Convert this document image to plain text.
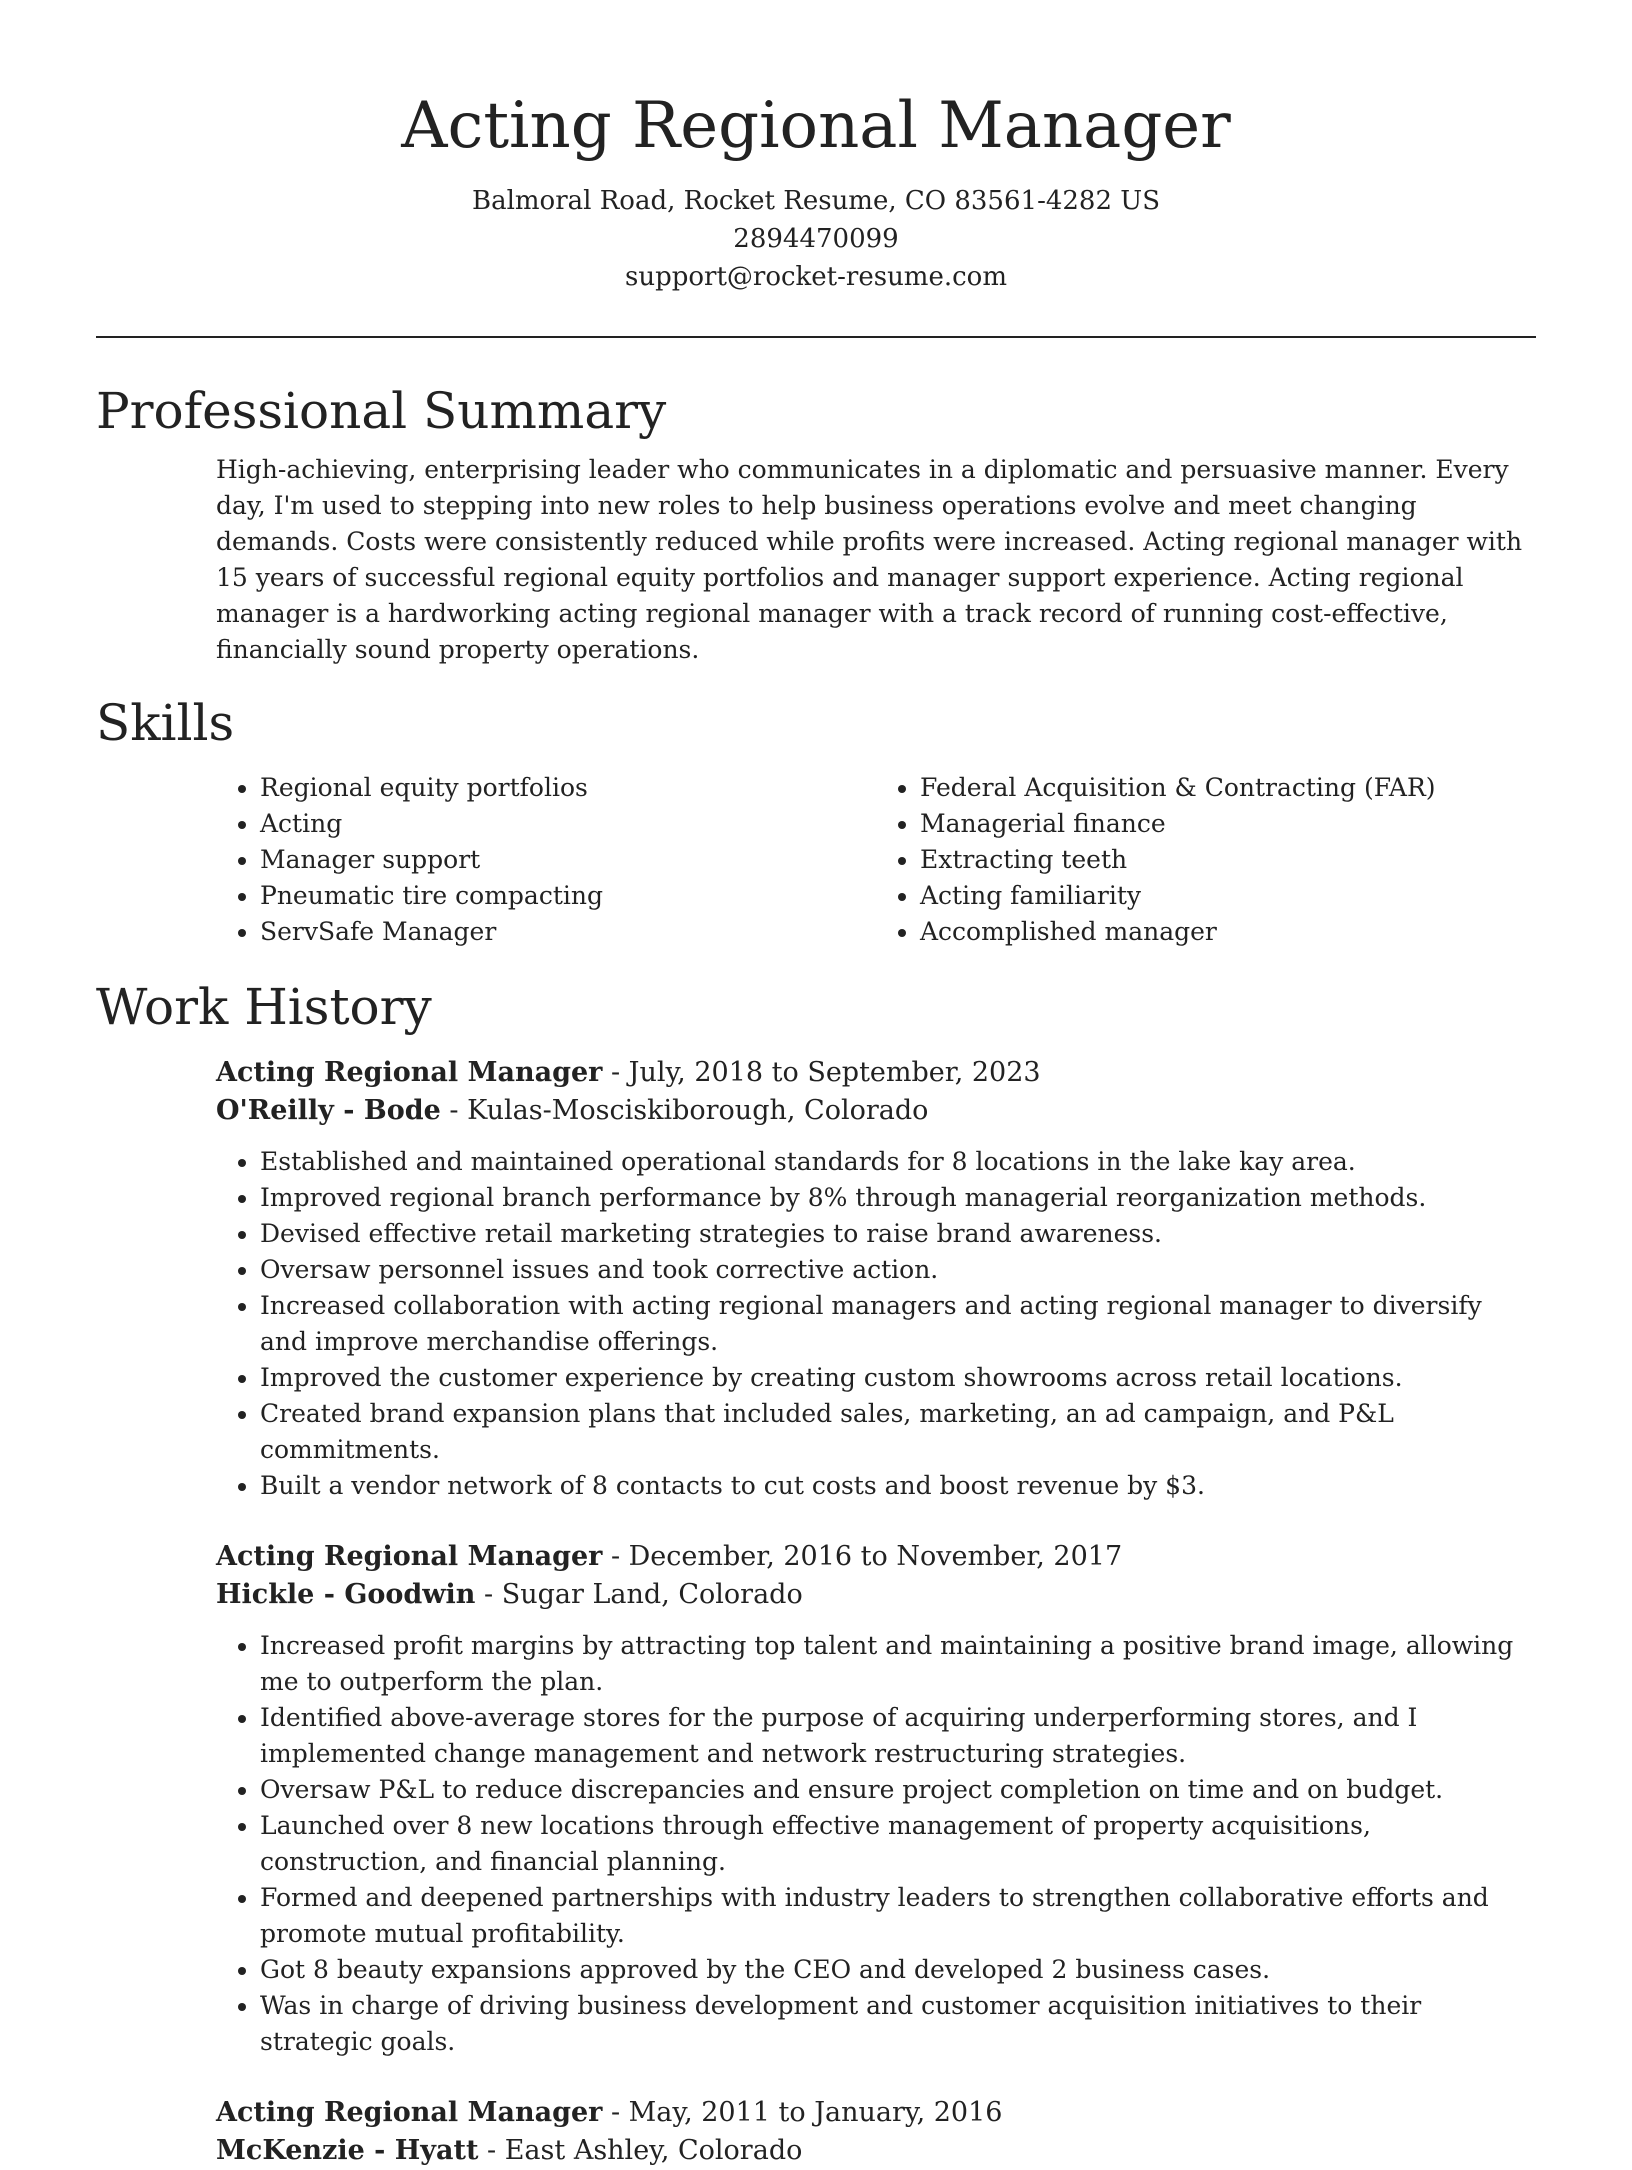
Acting Regional Manager
Balmoral Road, Rocket Resume, CO 83561-4282 US
2894470099
support@rocket-resume.com
Professional Summary
High-achieving, enterprising leader who communicates in a diplomatic and persuasive manner. Every day, I'm used to stepping into new roles to help business operations evolve and meet changing demands. Costs were consistently reduced while profits were increased. Acting regional manager with 15 years of successful regional equity portfolios and manager support experience. Acting regional manager is a hardworking acting regional manager with a track record of running cost-effective, financially sound property operations.
Skills
• Regional equity portfolios
• Acting
• Manager support
• Pneumatic tire compacting
• ServSafe Manager
• Federal Acquisition & Contracting (FAR)
• Managerial finance
• Extracting teeth
• Acting familiarity
• Accomplished manager
Work History
Acting Regional Manager - July, 2018 to September, 2023
O'Reilly - Bode - Kulas-Mosciskiborough, Colorado
• Established and maintained operational standards for 8 locations in the lake kay area.
• Improved regional branch performance by 8% through managerial reorganization methods.
• Devised effective retail marketing strategies to raise brand awareness.
• Oversaw personnel issues and took corrective action.
• Increased collaboration with acting regional managers and acting regional manager to diversify and improve merchandise offerings.
• Improved the customer experience by creating custom showrooms across retail locations.
• Created brand expansion plans that included sales, marketing, an ad campaign, and P&L commitments.
• Built a vendor network of 8 contacts to cut costs and boost revenue by $3.
Acting Regional Manager - December, 2016 to November, 2017
Hickle - Goodwin - Sugar Land, Colorado
• Increased profit margins by attracting top talent and maintaining a positive brand image, allowing me to outperform the plan.
• Identified above-average stores for the purpose of acquiring underperforming stores, and I implemented change management and network restructuring strategies.
• Oversaw P&L to reduce discrepancies and ensure project completion on time and on budget.
• Launched over 8 new locations through effective management of property acquisitions, construction, and financial planning.
• Formed and deepened partnerships with industry leaders to strengthen collaborative efforts and promote mutual profitability.
• Got 8 beauty expansions approved by the CEO and developed 2 business cases.
• Was in charge of driving business development and customer acquisition initiatives to their strategic goals.
Acting Regional Manager - May, 2011 to January, 2016
McKenzie - Hyatt - East Ashley, Colorado
